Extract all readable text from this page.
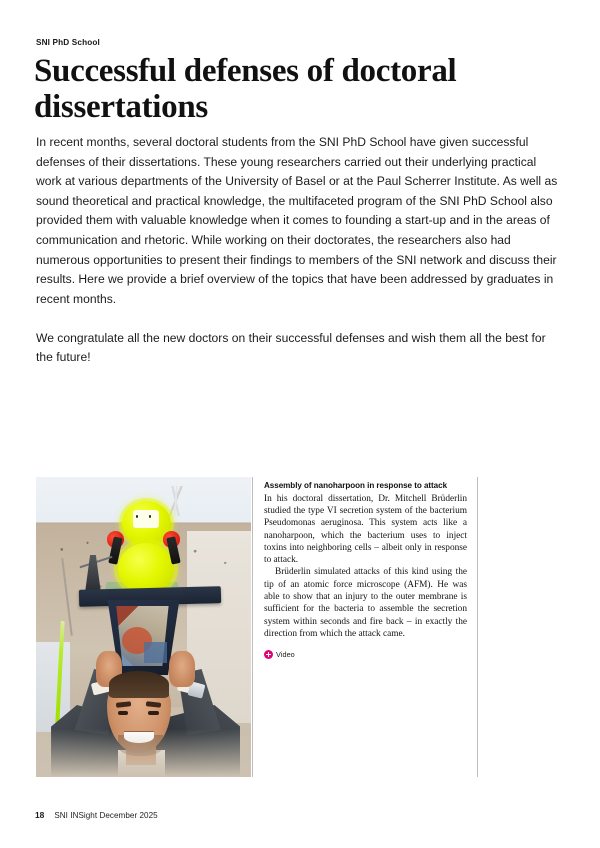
SNI PhD School
Successful defenses of doctoral dissertations

In recent months, several doctoral students from the SNI PhD School have given successful defenses of their dissertations. These young researchers carried out their underlying practical work at various departments of the University of Basel or at the Paul Scherrer Institute. As well as sound theoretical and practical knowledge, the multifaceted program of the SNI PhD School also provided them with valuable knowledge when it comes to founding a start-up and in the areas of communication and rhetoric. While working on their doctorates, the researchers also had numerous opportunities to present their findings to members of the SNI network and discuss their results. Here we provide a brief overview of the topics that have been addressed by graduates in recent months.

We congratulate all the new doctors on their successful defenses and wish them all the best for the future!

Assembly of nanoharpoon in response to attack

In his doctoral dissertation, Dr. Mitchell Brüderlin studied the type VI secretion system of the bacterium Pseudomonas aeruginosa. This system acts like a nanoharpoon, which the bacterium uses to inject toxins into neighboring cells – albeit only in response to attack.

Brüderlin simulated attacks of this kind using the tip of an atomic force microscope (AFM). He was able to show that an injury to the outer membrane is sufficient for the bacteria to assemble the secretion system within seconds and fire back – in exactly the direction from which the attack came.

Video
18 SNI INSight December 2025
